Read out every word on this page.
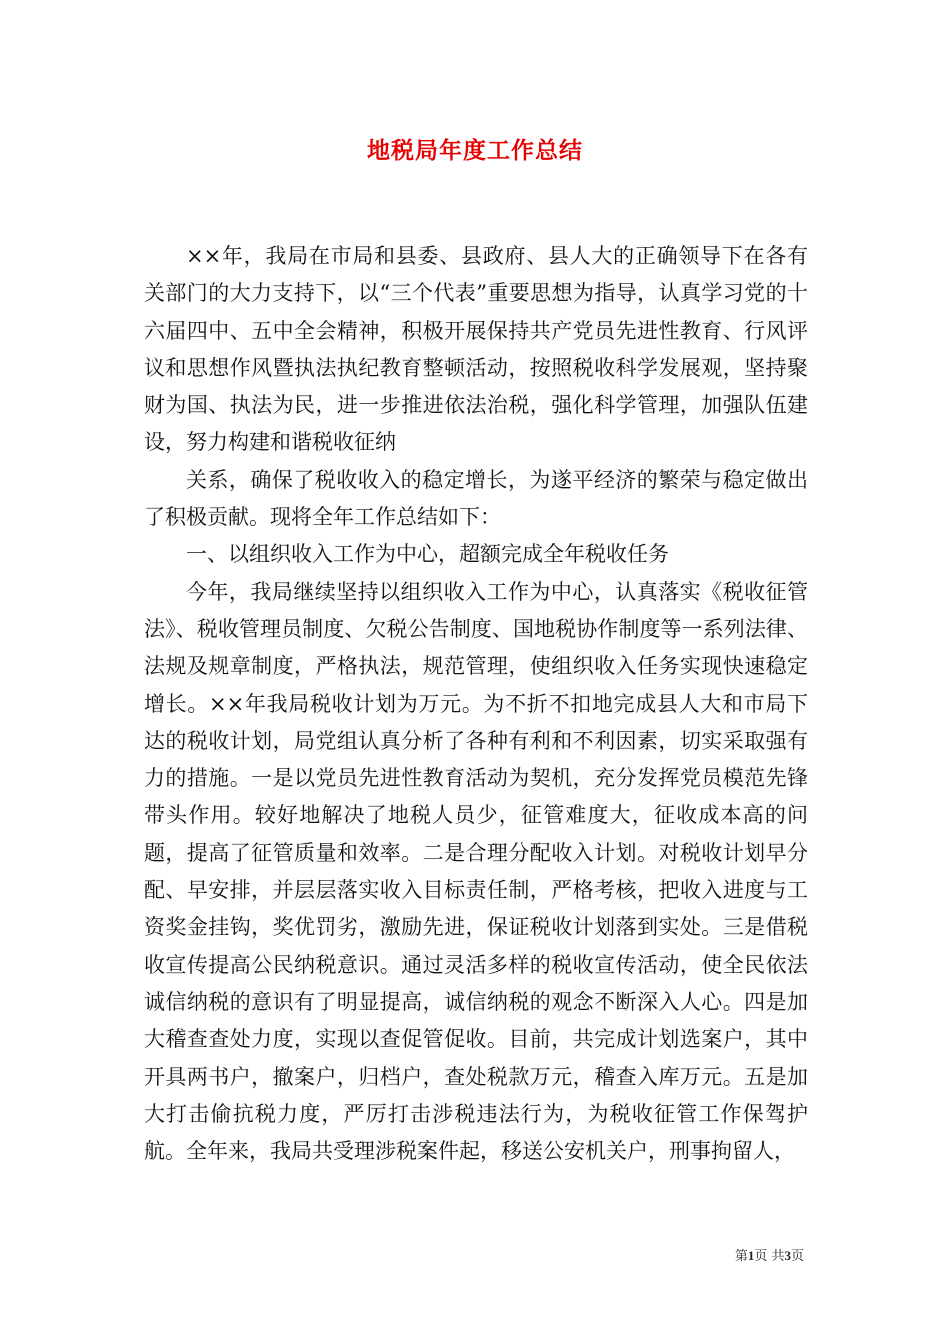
地税局年度工作总结

××年，我局在市局和县委、县政府、县人大的正确领导下在各有关部门的大力支持下，以“三个代表”重要思想为指导，认真学习党的十六届四中、五中全会精神，积极开展保持共产党员先进性教育、行风评议和思想作风暨执法执纪教育整顿活动，按照税收科学发展观，坚持聚财为国、执法为民，进一步推进依法治税，强化科学管理，加强队伍建设，努力构建和谐税收征纳

关系，确保了税收收入的稳定增长，为遂平经济的繁荣与稳定做出了积极贡献。现将全年工作总结如下：

一、以组织收入工作为中心，超额完成全年税收任务

今年，我局继续坚持以组织收入工作为中心，认真落实《税收征管法》、税收管理员制度、欠税公告制度、国地税协作制度等一系列法律、法规及规章制度，严格执法，规范管理，使组织收入任务实现快速稳定增长。××年我局税收计划为万元。为不折不扣地完成县人大和市局下达的税收计划，局党组认真分析了各种有利和不利因素，切实采取强有力的措施。一是以党员先进性教育活动为契机，充分发挥党员模范先锋带头作用。较好地解决了地税人员少，征管难度大，征收成本高的问题，提高了征管质量和效率。二是合理分配收入计划。对税收计划早分配、早安排，并层层落实收入目标责任制，严格考核，把收入进度与工资奖金挂钩，奖优罚劣，激励先进，保证税收计划落到实处。三是借税收宣传提高公民纳税意识。通过灵活多样的税收宣传活动，使全民依法诚信纳税的意识有了明显提高，诚信纳税的观念不断深入人心。四是加大稽查查处力度，实现以查促管促收。目前，共完成计划选案户，其中开具两书户，撤案户，归档户，查处税款万元，稽查入库万元。五是加大打击偷抗税力度，严厉打击涉税违法行为，为税收征管工作保驾护航。全年来，我局共受理涉税案件起，移送公安机关户，刑事拘留人，

第1页 共3页
